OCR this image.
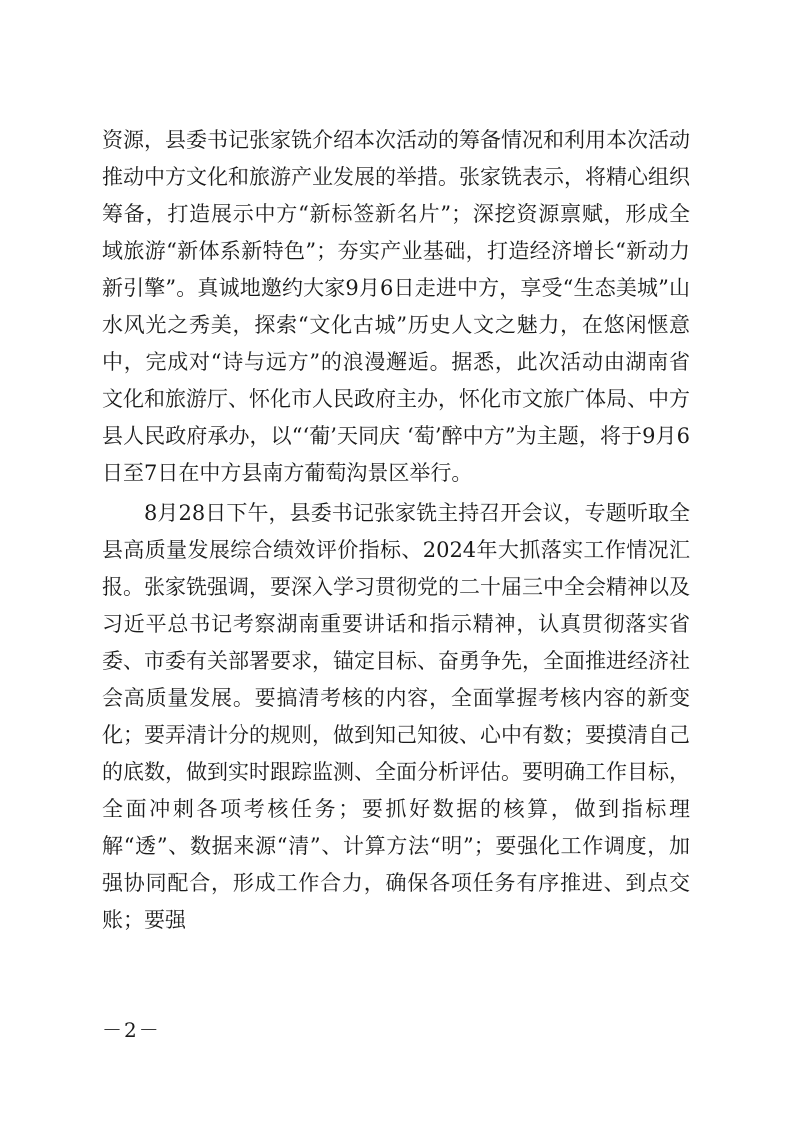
资源，县委书记张家铣介绍本次活动的筹备情况和利用本次活动推动中方文化和旅游产业发展的举措。张家铣表示，将精心组织筹备，打造展示中方“新标签新名片”；深挖资源禀赋，形成全域旅游“新体系新特色”；夯实产业基础，打造经济增长“新动力新引擎”。真诚地邀约大家9月6日走进中方，享受“生态美城”山水风光之秀美，探索“文化古城”历史人文之魅力，在悠闲惬意中，完成对“诗与远方”的浪漫邂逅。据悉，此次活动由湖南省文化和旅游厅、怀化市人民政府主办，怀化市文旅广体局、中方县人民政府承办，以“‘葡’天同庆 ‘萄’醉中方”为主题，将于9月6日至7日在中方县南方葡萄沟景区举行。

8月28日下午，县委书记张家铣主持召开会议，专题听取全县高质量发展综合绩效评价指标、2024年大抓落实工作情况汇报。张家铣强调，要深入学习贯彻党的二十届三中全会精神以及习近平总书记考察湖南重要讲话和指示精神，认真贯彻落实省委、市委有关部署要求，锚定目标、奋勇争先，全面推进经济社会高质量发展。要搞清考核的内容，全面掌握考核内容的新变化；要弄清计分的规则，做到知己知彼、心中有数；要摸清自己的底数，做到实时跟踪监测、全面分析评估。要明确工作目标，全面冲刺各项考核任务；要抓好数据的核算，做到指标理解“透”、数据来源“清”、计算方法“明”；要强化工作调度，加强协同配合，形成工作合力，确保各项任务有序推进、到点交账；要强

－2－
